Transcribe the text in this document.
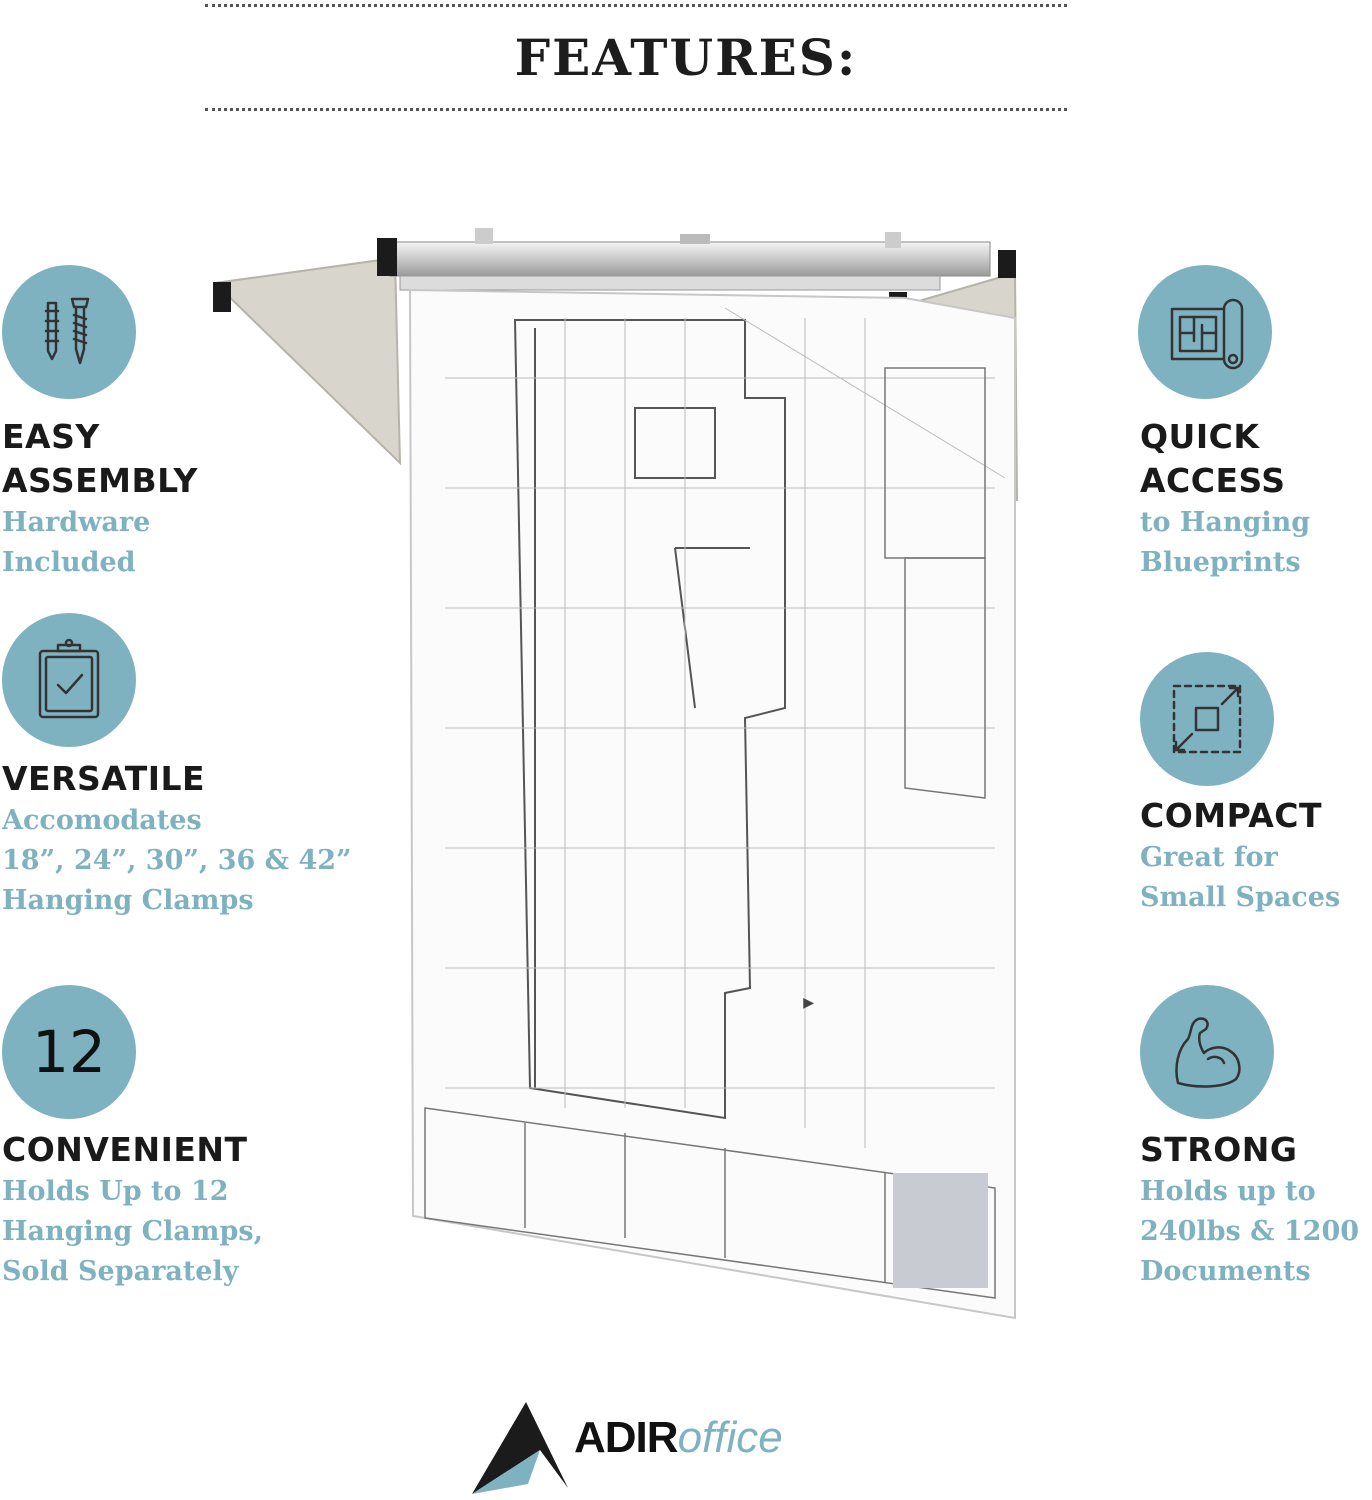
FEATURES:
EASY
ASSEMBLY
Hardware
Included
VERSATILE
Accomodates
18”, 24”, 30”, 36 & 42”
Hanging Clamps
12
CONVENIENT
Holds Up to 12
Hanging Clamps,
Sold Separately
QUICK
ACCESS
to Hanging
Blueprints
COMPACT
Great for
Small Spaces
STRONG
Holds up to
240lbs & 1200
Documents
▲
ADIRoffice
